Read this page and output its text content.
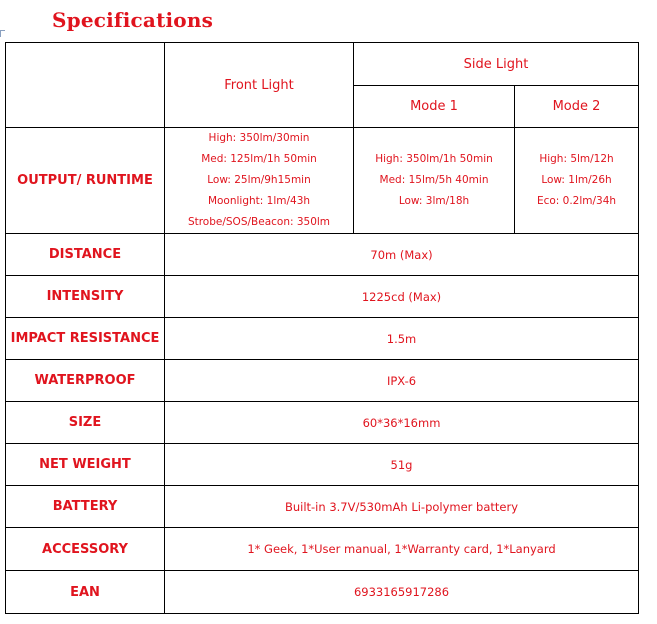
Specifications
	Front Light	Side Light	
		Mode 1	Mode 2
OUTPUT/ RUNTIME	High: 350lm/30min
Med: 125lm/1h 50min
Low: 25lm/9h15min
Moonlight: 1lm/43h
Strobe/SOS/Beacon: 350lm	High: 350lm/1h 50min
Med: 15lm/5h 40min
Low: 3lm/18h	High: 5lm/12h
Low: 1lm/26h
Eco: 0.2lm/34h

DISTANCE	70m (Max)		
INTENSITY	1225cd (Max)		
IMPACT RESISTANCE	1.5m		
WATERPROOF	IPX-6		
SIZE	60*36*16mm		
NET WEIGHT	51g		
BATTERY	Built-in 3.7V/530mAh Li-polymer battery		
ACCESSORY	1* Geek, 1*User manual, 1*Warranty card, 1*Lanyard		
EAN	6933165917286		
